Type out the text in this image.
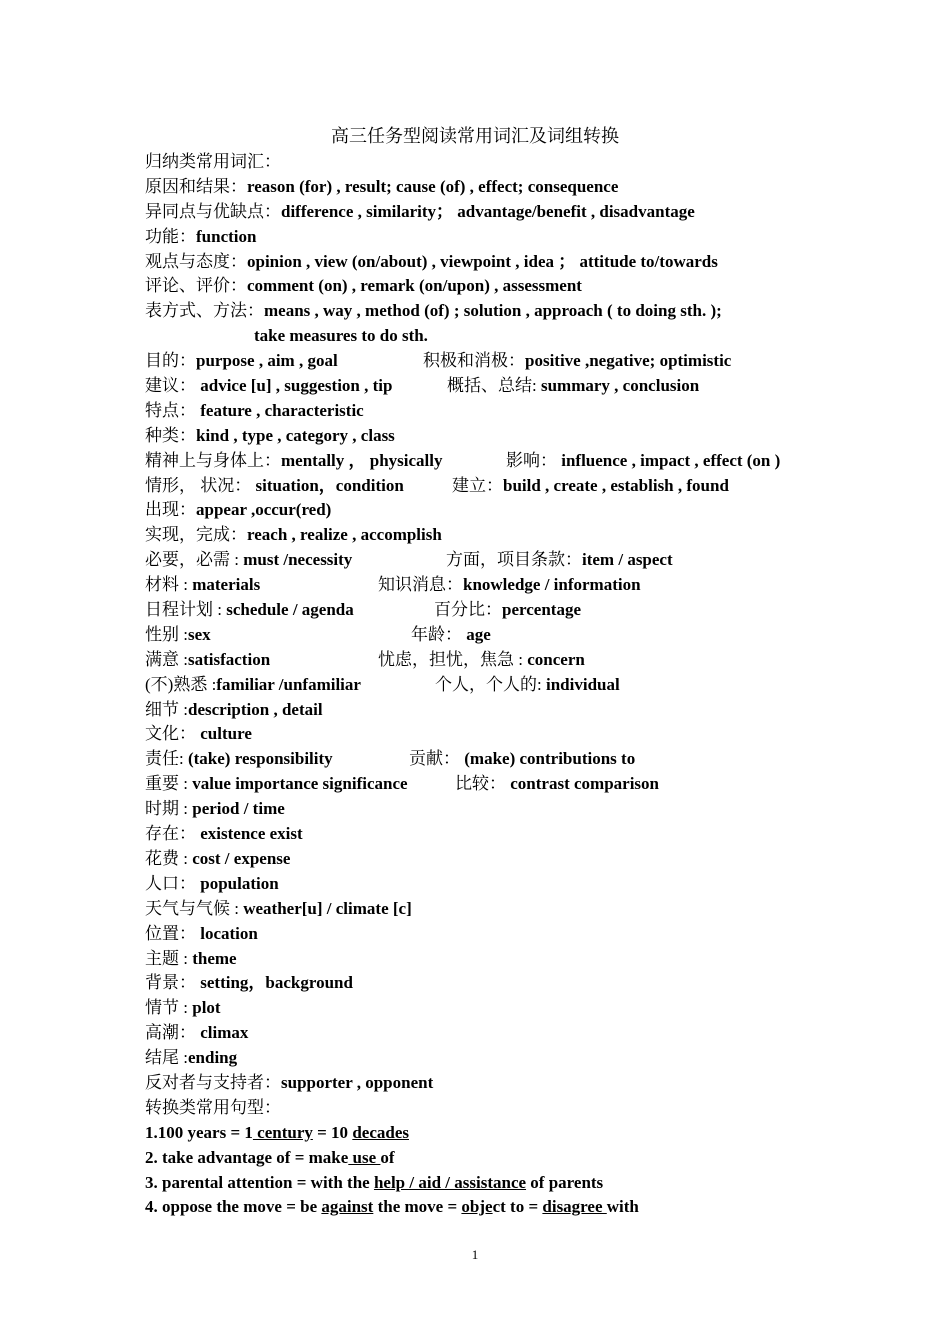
高三任务型阅读常用词汇及词组转换
归纳类常用词汇：
原因和结果：reason (for) , result; cause (of) , effect; consequence
异同点与优缺点：difference , similarity； advantage/benefit , disadvantage
功能：function
观点与态度：opinion , view (on/about) , viewpoint , idea ； attitude to/towards
评论、评价：comment (on) , remark (on/upon) , assessment
表方式、方法：means , way , method (of) ; solution , approach ( to doing sth. );
take measures to do sth.
目的：purpose , aim , goal	积极和消极：positive ,negative; optimistic
建议： advice [u] , suggestion , tip	概括、总结: summary , conclusion
特点： feature , characteristic
种类：kind , type , category , class
精神上与身体上：mentally ， physically	影响： influence , impact , effect (on )
情形， 状况： situation，condition	建立：build , create , establish , found
出现：appear ,occur(red)
实现，完成：reach , realize , accomplish
必要，必需 : must /necessity	方面，项目条款：item / aspect
材料 : materials	知识消息：knowledge / information
日程计划 : schedule / agenda	百分比：percentage
性别 :sex	年龄： age
满意 :satisfaction	忧虑，担忧，焦急 : concern
(不)熟悉 :familiar /unfamiliar	个人，个人的: individual
细节 :description , detail
文化： culture
责任: (take) responsibility	贡献： (make) contributions to
重要 : value importance significance	比较： contrast comparison
时期 : period / time
存在： existence exist
花费 : cost / expense
人口： population
天气与气候 : weather[u] / climate [c]
位置： location
主题 : theme
背景： setting，background
情节 : plot
高潮： climax
结尾 :ending
反对者与支持者：supporter , opponent
转换类常用句型：
1.100 years = 1 century = 10 decades
2. take advantage of = make use of
3. parental attention = with the help / aid / assistance of parents
4. oppose the move = be against the move = object to = disagree with
1
